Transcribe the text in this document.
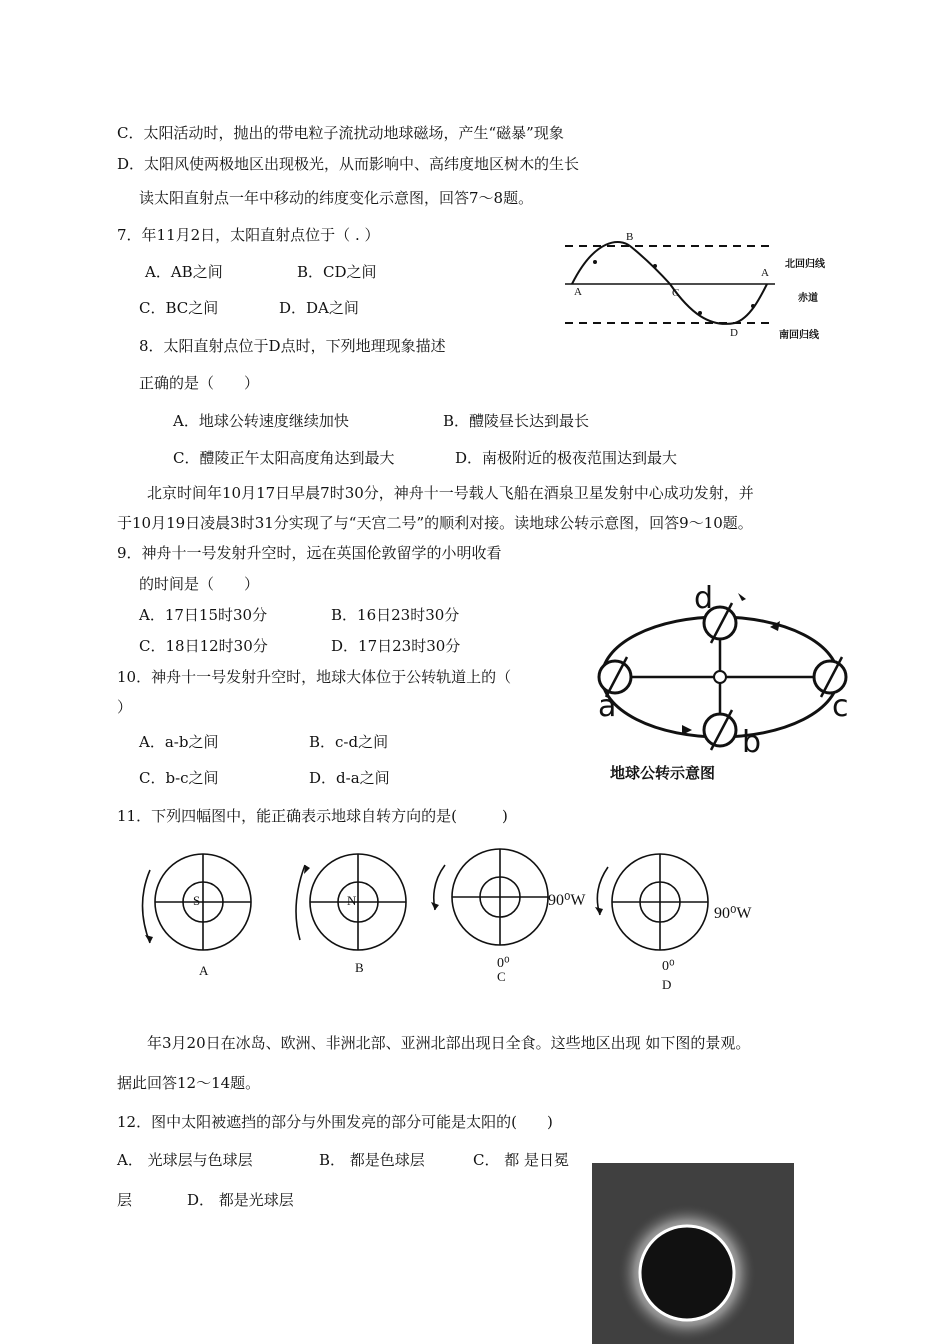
C．太阳活动时，抛出的带电粒子流扰动地球磁场，产生“磁暴”现象
D．太阳风使两极地区出现极光，从而影响中、高纬度地区树木的生长
读太阳直射点一年中移动的纬度变化示意图，回答7～8题。
7．年11月2日，太阳直射点位于（ . ）
A．AB之间	B．CD之间
C．BC之间	D．DA之间
A
B
C
D
A
北回归线
赤道
南回归线
8．太阳直射点位于D点时，下列地理现象描述
正确的是（　　）
A．地球公转速度继续加快	B．醴陵昼长达到最长
C．醴陵正午太阳高度角达到最大	D．南极附近的极夜范围达到最大
北京时间年10月17日早晨7时30分，神舟十一号载人飞船在酒泉卫星发射中心成功发射，并
于10月19日凌晨3时31分实现了与“天宫二号”的顺利对接。读地球公转示意图，回答9～10题。
9．神舟十一号发射升空时，远在英国伦敦留学的小明收看
的时间是（　　）
A．17日15时30分	B．16日23时30分
C．18日12时30分	D．17日23时30分
10．神舟十一号发射升空时，地球大体位于公转轨道上的（
）
A．a-b之间	B．c-d之间
C．b-c之间	D．d-a之间
d
a
b
c
地球公转示意图
11．下列四幅图中，能正确表示地球自转方向的是(　　　)
S	N	90⁰W
90⁰W
0⁰	0⁰
A	B
C
D
年3月20日在冰岛、欧洲、非洲北部、亚洲北部出现日全食。这些地区出现 如下图的景观。
据此回答12～14题。
12．图中太阳被遮挡的部分与外围发亮的部分可能是太阳的(　　)
A． 光球层与色球层	B． 都是色球层	C． 都 是日冕
层	D． 都是光球层
